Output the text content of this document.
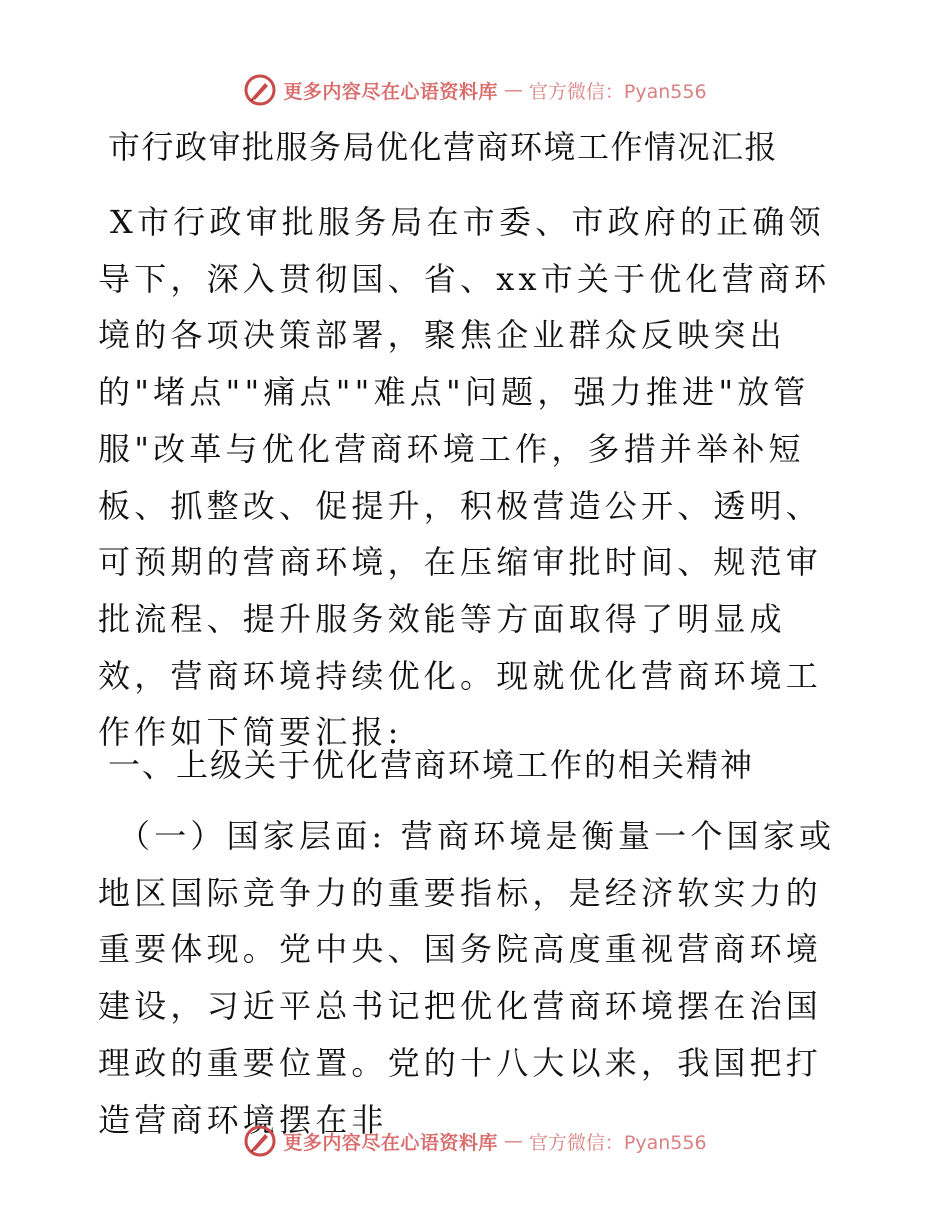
更多内容尽在心语资料库 — 官方微信：Pyan556
市行政审批服务局优化营商环境工作情况汇报
X市行政审批服务局在市委、市政府的正确领导下，深入贯彻国、省、xx市关于优化营商环境的各项决策部署，聚焦企业群众反映突出的"堵点""痛点""难点"问题，强力推进"放管服"改革与优化营商环境工作，多措并举补短板、抓整改、促提升，积极营造公开、透明、可预期的营商环境，在压缩审批时间、规范审批流程、提升服务效能等方面取得了明显成效，营商环境持续优化。现就优化营商环境工作作如下简要汇报:
一、上级关于优化营商环境工作的相关精神
（一）国家层面: 营商环境是衡量一个国家或地区国际竞争力的重要指标，是经济软实力的重要体现。党中央、国务院高度重视营商环境建设，习近平总书记把优化营商环境摆在治国理政的重要位置。党的十八大以来，我国把打造营商环境摆在非
更多内容尽在心语资料库 — 官方微信：Pyan556
